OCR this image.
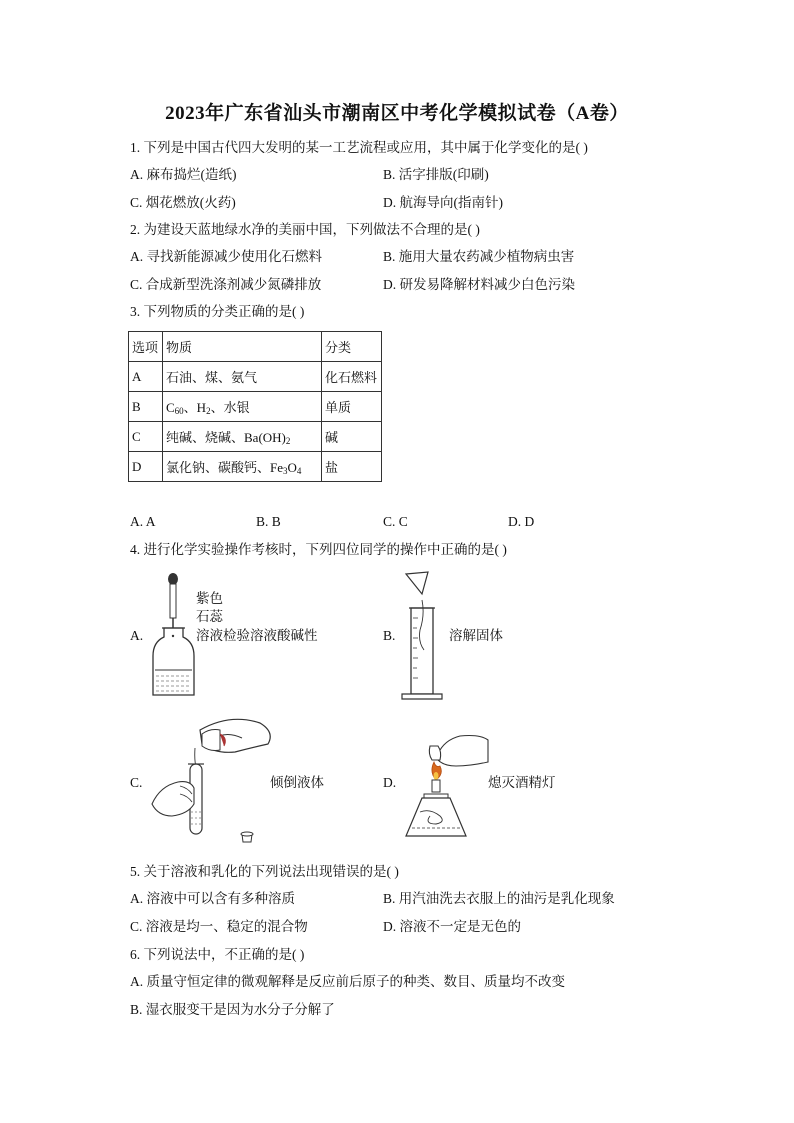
2023年广东省汕头市潮南区中考化学模拟试卷（A卷）
1. 下列是中国古代四大发明的某一工艺流程或应用，其中属于化学变化的是( )
A. 麻布捣烂(造纸)	B. 活字排版(印刷)
C. 烟花燃放(火药)	D. 航海导向(指南针)
2. 为建设天蓝地绿水净的美丽中国，下列做法不合理的是( )
A. 寻找新能源减少使用化石燃料	B. 施用大量农药减少植物病虫害
C. 合成新型洗涤剂减少氮磷排放	D. 研发易降解材料减少白色污染
3. 下列物质的分类正确的是( )
选项	物质	分类
A	石油、煤、氨气	化石燃料
B	$C_{60}$、$H_2$、水银	单质
C	纯碱、烧碱、$Ba(OH)_2$	碱
D	氯化钠、碳酸钙、$Fe_3O_4$	盐
A. A	B. B	C. C	D. D
4. 进行化学实验操作考核时，下列四位同学的操作中正确的是( )
A.
紫色
石蕊
溶液检验溶液酸碱性	B.	溶解固体
C.	倾倒液体	D.	熄灭酒精灯
5. 关于溶液和乳化的下列说法出现错误的是( )
A. 溶液中可以含有多种溶质	B. 用汽油洗去衣服上的油污是乳化现象
C. 溶液是均一、稳定的混合物	D. 溶液不一定是无色的
6. 下列说法中，不正确的是( )
A. 质量守恒定律的微观解释是反应前后原子的种类、数目、质量均不改变
B. 湿衣服变干是因为水分子分解了
